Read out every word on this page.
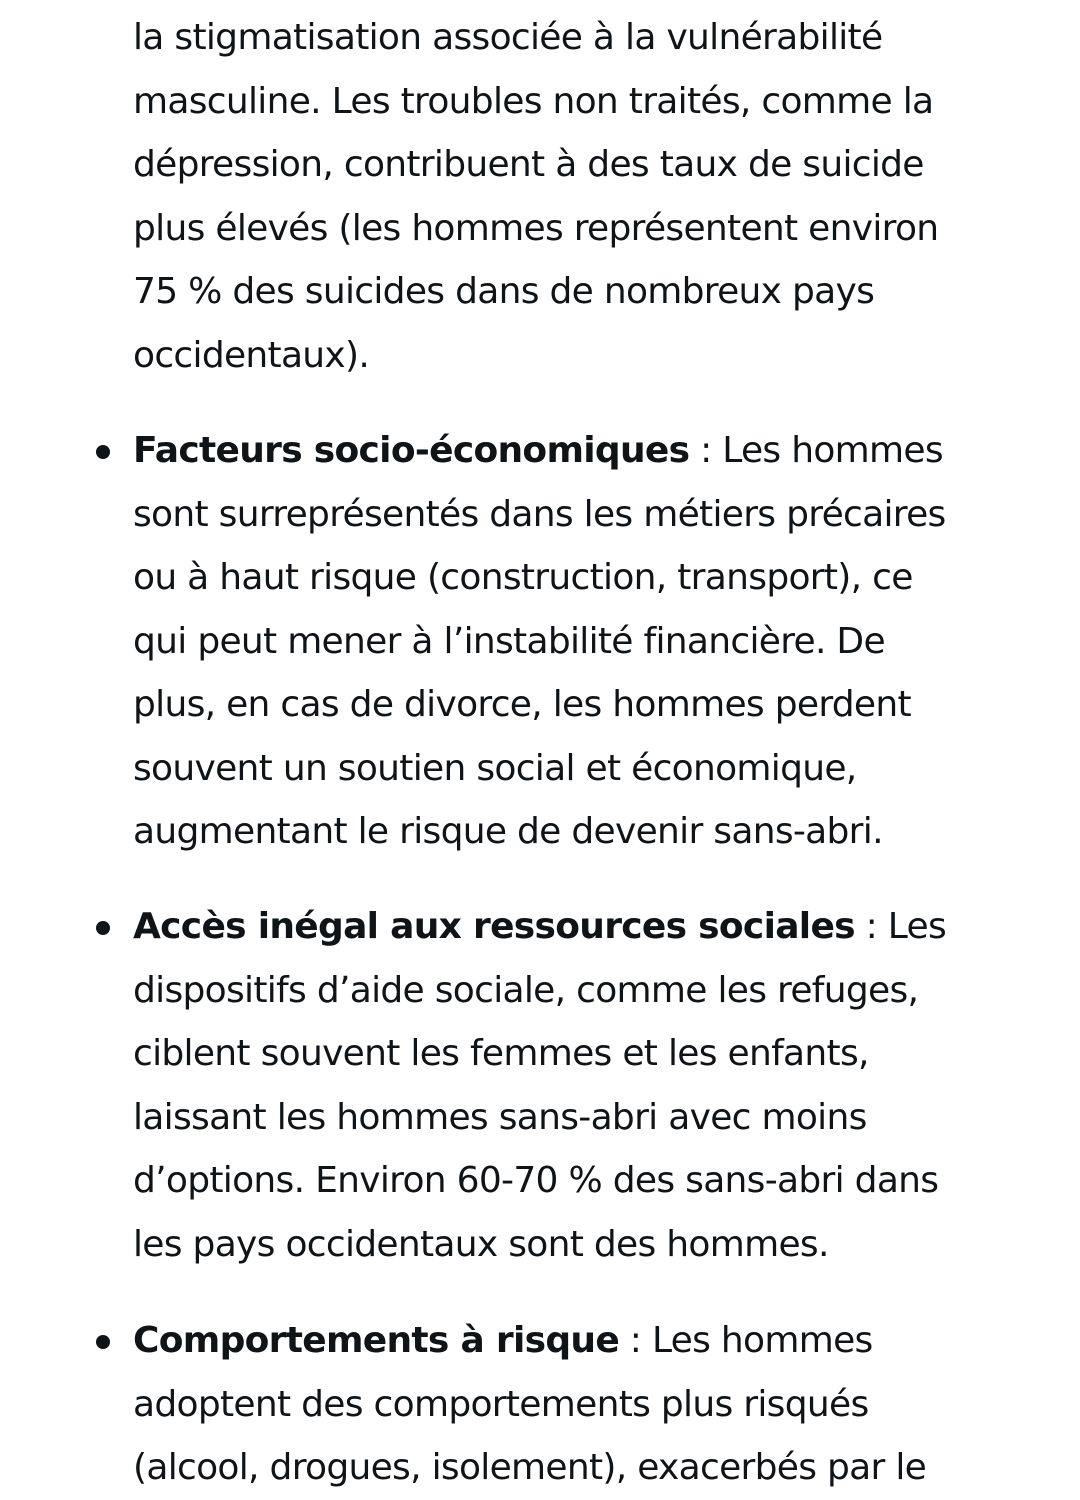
la stigmatisation associée à la vulnérabilité
masculine. Les troubles non traités, comme la
dépression, contribuent à des taux de suicide
plus élevés (les hommes représentent environ
75 % des suicides dans de nombreux pays
occidentaux).
Facteurs socio-économiques : Les hommes
sont surreprésentés dans les métiers précaires
ou à haut risque (construction, transport), ce
qui peut mener à l’instabilité financière. De
plus, en cas de divorce, les hommes perdent
souvent un soutien social et économique,
augmentant le risque de devenir sans-abri.
Accès inégal aux ressources sociales : Les
dispositifs d’aide sociale, comme les refuges,
ciblent souvent les femmes et les enfants,
laissant les hommes sans-abri avec moins
d’options. Environ 60-70 % des sans-abri dans
les pays occidentaux sont des hommes.
Comportements à risque : Les hommes
adoptent des comportements plus risqués
(alcool, drogues, isolement), exacerbés par le
